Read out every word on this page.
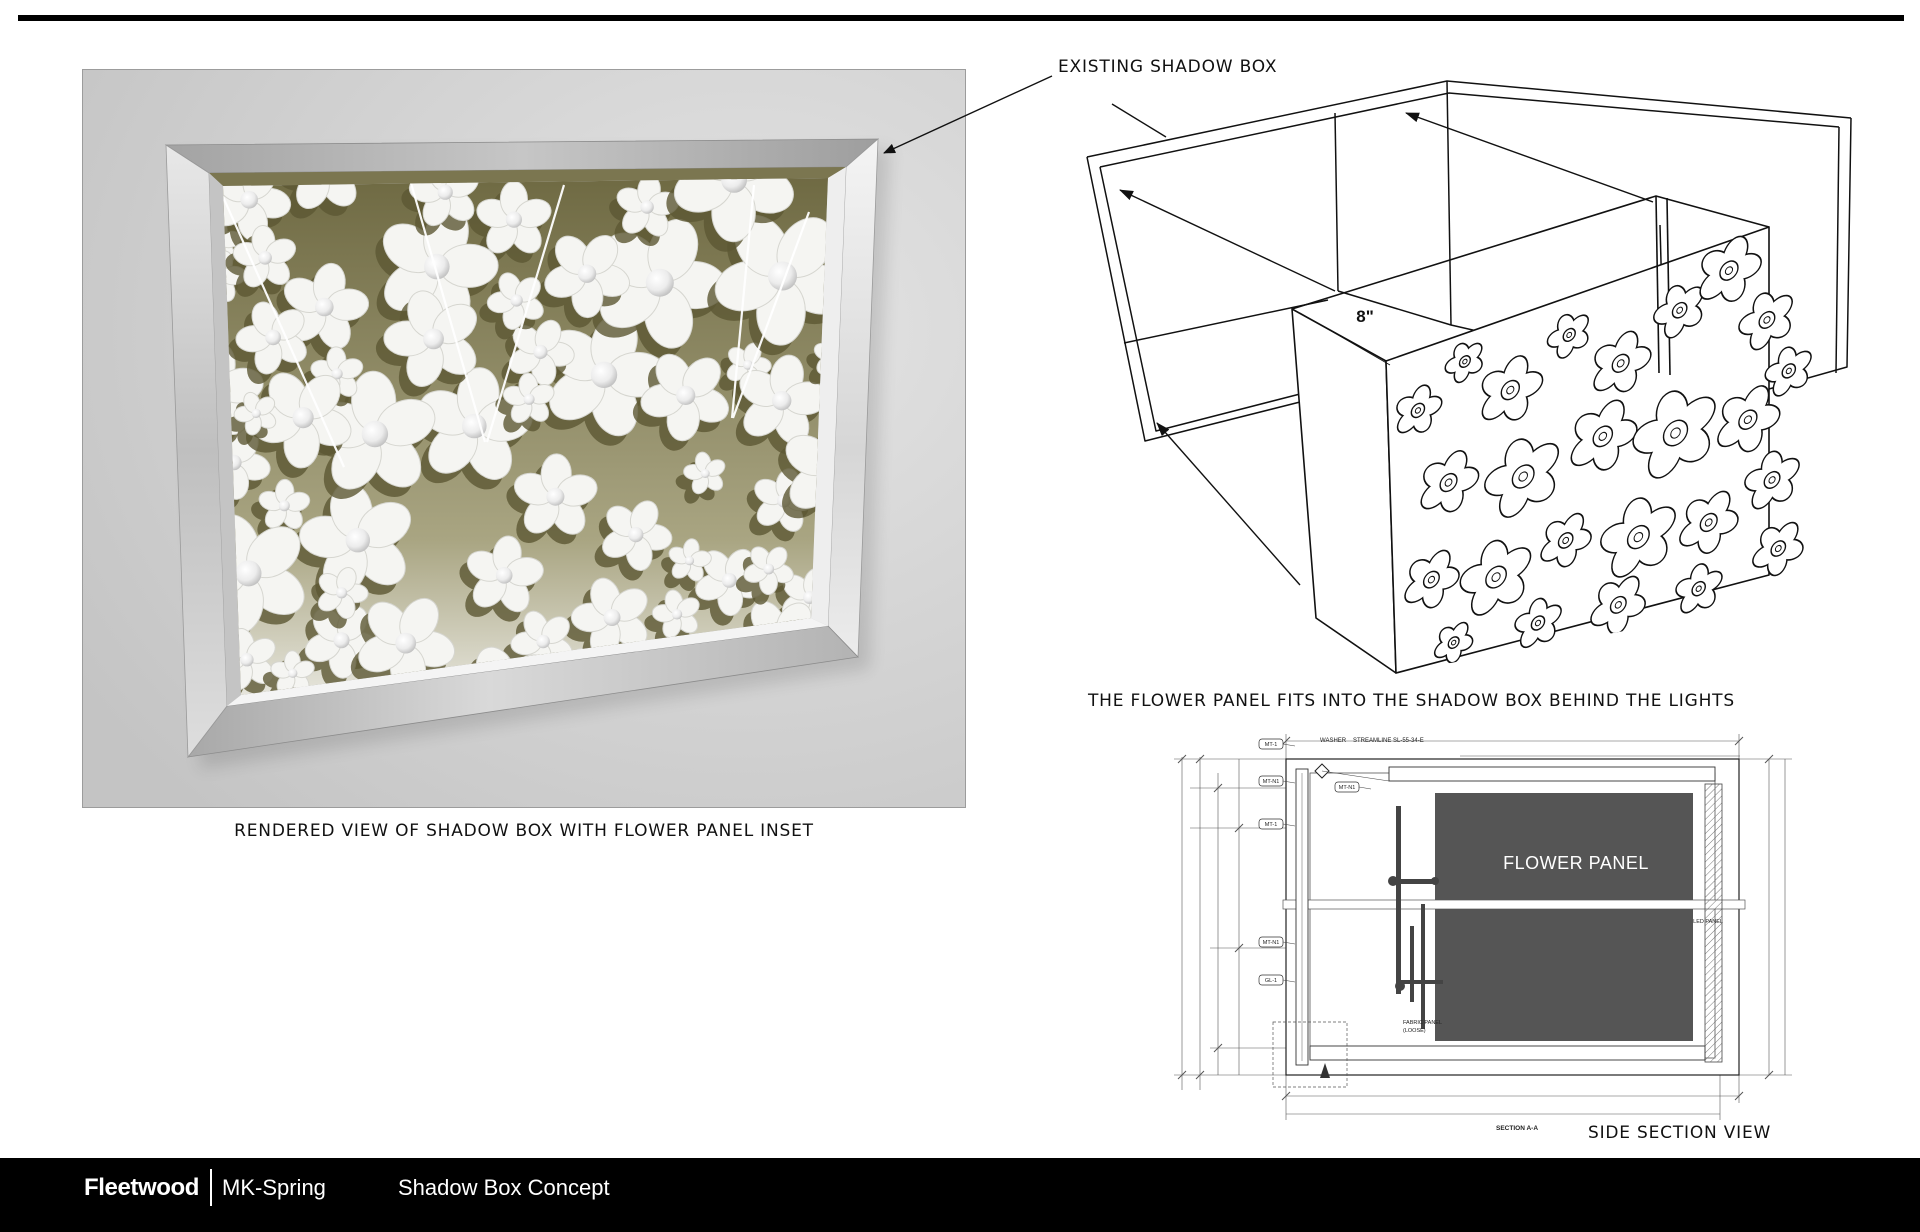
RENDERED VIEW OF SHADOW BOX WITH FLOWER PANEL INSET
EXISTING SHADOW BOX
8"
THE FLOWER PANEL FITS INTO THE SHADOW BOX BEHIND THE LIGHTS
MT-1
MT-N1
MT-1
MT-N1
GL-1
MT-N1
WASHER STREAMLINE SL-55-34-E
LED PANEL
FABRIC PANEL
(LOOSE)
FLOWER PANEL
SECTION A-A	SIDE SECTION VIEW
Fleetwood MK-Spring	Shadow Box Concept
